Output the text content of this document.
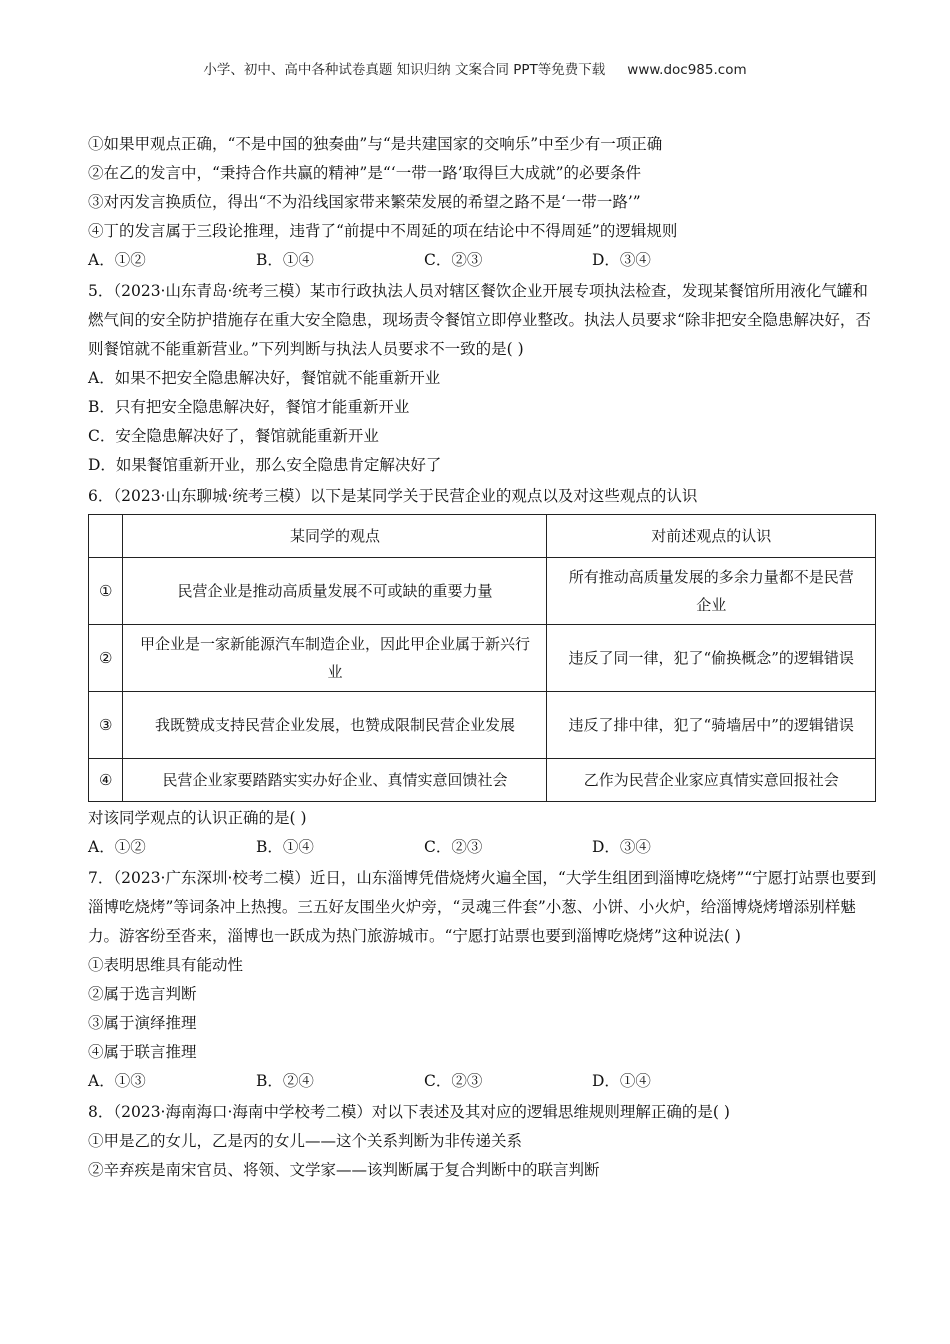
小学、初中、高中各种试卷真题 知识归纳 文案合同 PPT等免费下载 www.doc985.com
①如果甲观点正确，“不是中国的独奏曲”与“是共建国家的交响乐”中至少有一项正确
②在乙的发言中，“秉持合作共赢的精神”是“‘一带一路’取得巨大成就”的必要条件
③对丙发言换质位，得出“不为沿线国家带来繁荣发展的希望之路不是‘一带一路’”
④丁的发言属于三段论推理，违背了“前提中不周延的项在结论中不得周延”的逻辑规则
A．①②	B．①④	C．②③	D．③④
5．（2023·山东青岛·统考三模）某市行政执法人员对辖区餐饮企业开展专项执法检查，发现某餐馆所用液化气罐和燃气间的安全防护措施存在重大安全隐患，现场责令餐馆立即停业整改。执法人员要求“除非把安全隐患解决好，否则餐馆就不能重新营业。”下列判断与执法人员要求不一致的是( )
A．如果不把安全隐患解决好，餐馆就不能重新开业
B．只有把安全隐患解决好，餐馆才能重新开业
C．安全隐患解决好了，餐馆就能重新开业
D．如果餐馆重新开业，那么安全隐患肯定解决好了
6．（2023·山东聊城·统考三模）以下是某同学关于民营企业的观点以及对这些观点的认识
	某同学的观点	对前述观点的认识
①	民营企业是推动高质量发展不可或缺的重要力量	所有推动高质量发展的多余力量都不是民营企业
②	甲企业是一家新能源汽车制造企业，因此甲企业属于新兴行业	违反了同一律，犯了“偷换概念”的逻辑错误
③	我既赞成支持民营企业发展，也赞成限制民营企业发展	违反了排中律，犯了“骑墙居中”的逻辑错误
④	民营企业家要踏踏实实办好企业、真情实意回馈社会	乙作为民营企业家应真情实意回报社会
对该同学观点的认识正确的是( )
A．①②	B．①④	C．②③	D．③④
7．（2023·广东深圳·校考二模）近日，山东淄博凭借烧烤火遍全国，“大学生组团到淄博吃烧烤”“宁愿打站票也要到淄博吃烧烤”等词条冲上热搜。三五好友围坐火炉旁，“灵魂三件套”小葱、小饼、小火炉，给淄博烧烤增添别样魅力。游客纷至沓来，淄博也一跃成为热门旅游城市。“宁愿打站票也要到淄博吃烧烤”这种说法( )
①表明思维具有能动性
②属于选言判断
③属于演绎推理
④属于联言推理
A．①③	B．②④	C．②③	D．①④
8．（2023·海南海口·海南中学校考二模）对以下表述及其对应的逻辑思维规则理解正确的是( )
①甲是乙的女儿，乙是丙的女儿——这个关系判断为非传递关系
②辛弃疾是南宋官员、将领、文学家——该判断属于复合判断中的联言判断
